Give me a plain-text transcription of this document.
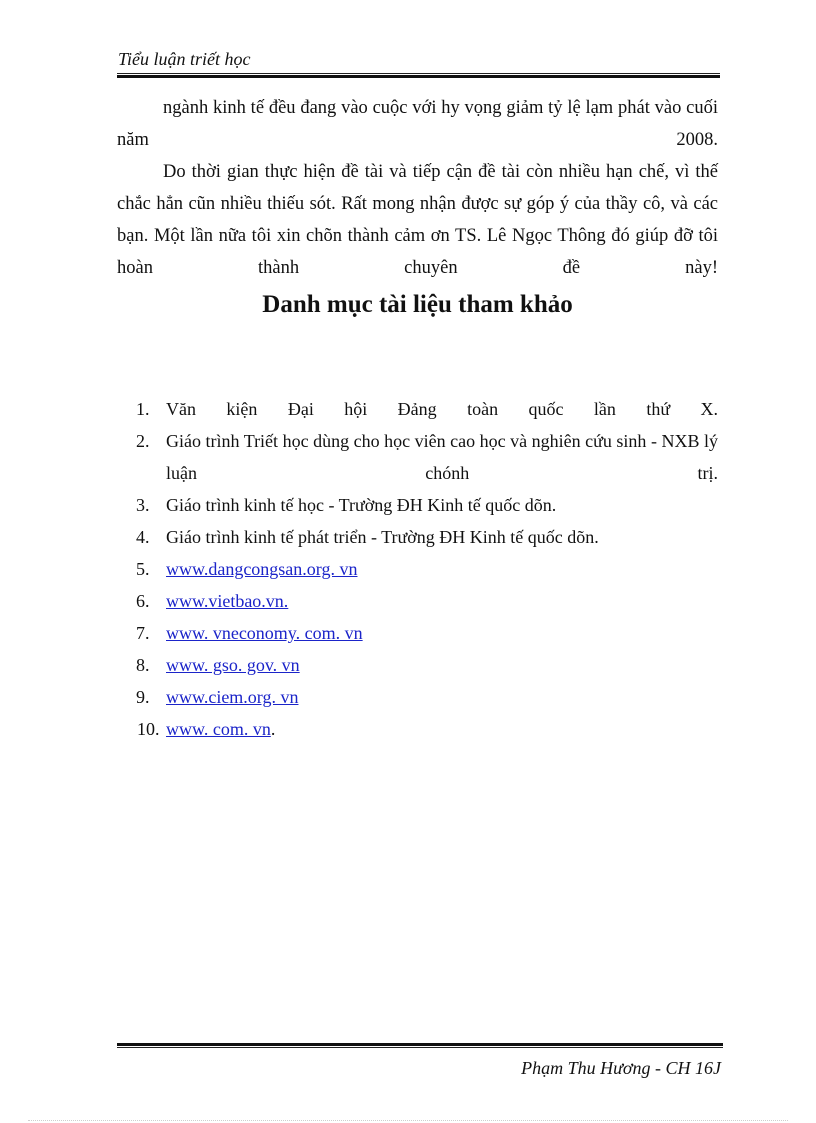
Tiểu luận triết học

ngành kinh tế đều đang vào cuộc với hy vọng giảm tỷ lệ lạm phát vào cuối năm 2008.

Do thời gian thực hiện đề tài và tiếp cận đề tài còn nhiều hạn chế, vì thế chắc hẳn cũn nhiều thiếu sót. Rất mong nhận được sự góp ý của thầy cô, và các bạn. Một lần nữa tôi xin chõn thành cảm ơn TS. Lê Ngọc Thông đó giúp đỡ tôi hoàn thành chuyên đề này!

Danh mục tài liệu tham khảo
1. Văn kiện Đại hội Đảng toàn quốc lần thứ X.
2. Giáo trình Triết học dùng cho học viên cao học và nghiên cứu sinh - NXB lý luận chónh trị.
3. Giáo trình kinh tế học - Trường ĐH Kinh tế quốc dõn.
4. Giáo trình kinh tế phát triển - Trường ĐH Kinh tế quốc dõn.
5. www.dangcongsan.org. vn
6. www.vietbao.vn.
7. www. vneconomy. com. vn
8. www. gso. gov. vn
9. www.ciem.org. vn
10. www. com. vn.
Phạm Thu Hương - CH 16J
